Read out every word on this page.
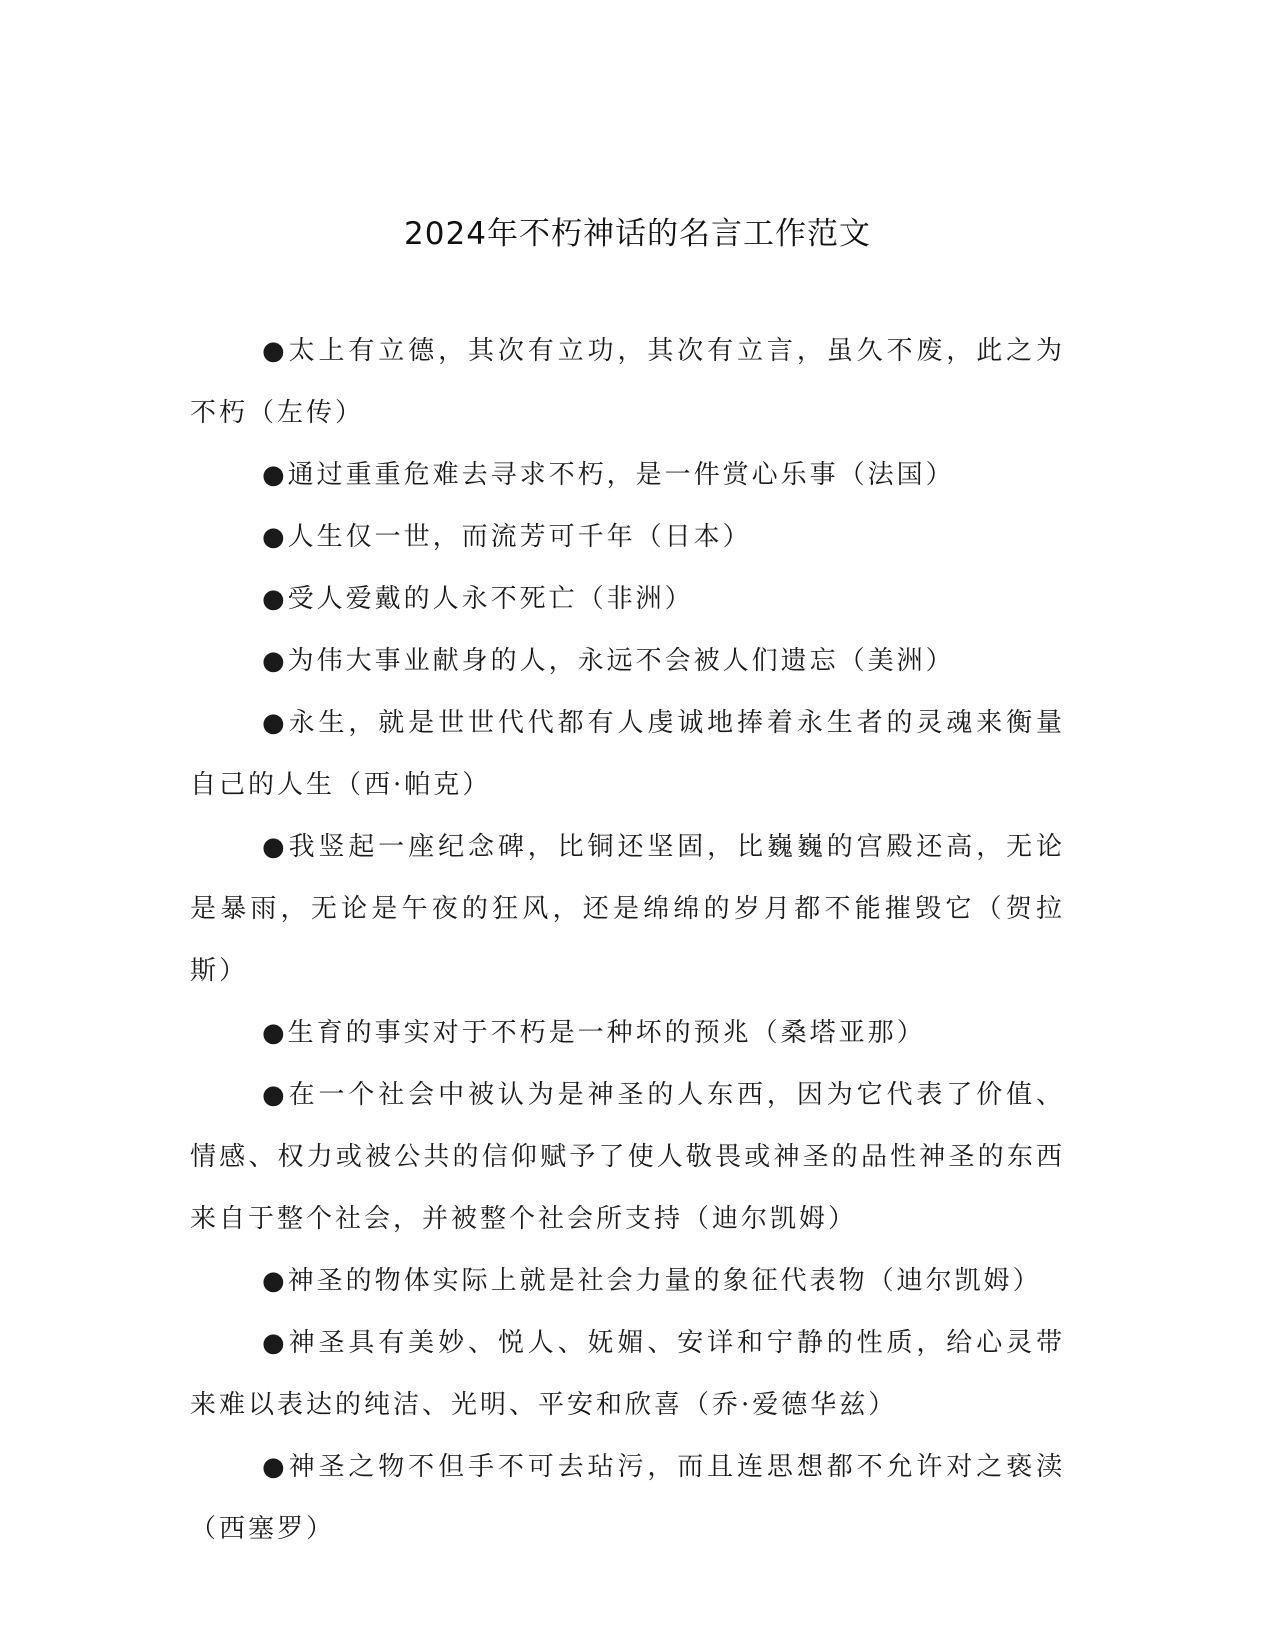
2024年不朽神话的名言工作范文

●太上有立德，其次有立功，其次有立言，虽久不废，此之为不朽（左传）

●通过重重危难去寻求不朽，是一件赏心乐事（法国）

●人生仅一世，而流芳可千年（日本）

●受人爱戴的人永不死亡（非洲）

●为伟大事业献身的人，永远不会被人们遗忘（美洲）

●永生，就是世世代代都有人虔诚地捧着永生者的灵魂来衡量自己的人生（西·帕克）

●我竖起一座纪念碑，比铜还坚固，比巍巍的宫殿还高，无论是暴雨，无论是午夜的狂风，还是绵绵的岁月都不能摧毁它（贺拉斯）

●生育的事实对于不朽是一种坏的预兆（桑塔亚那）

●在一个社会中被认为是神圣的人东西，因为它代表了价值、情感、权力或被公共的信仰赋予了使人敬畏或神圣的品性神圣的东西来自于整个社会，并被整个社会所支持（迪尔凯姆）

●神圣的物体实际上就是社会力量的象征代表物（迪尔凯姆）

●神圣具有美妙、悦人、妩媚、安详和宁静的性质，给心灵带来难以表达的纯洁、光明、平安和欣喜（乔·爱德华兹）

●神圣之物不但手不可去玷污，而且连思想都不允许对之亵渎（西塞罗）
